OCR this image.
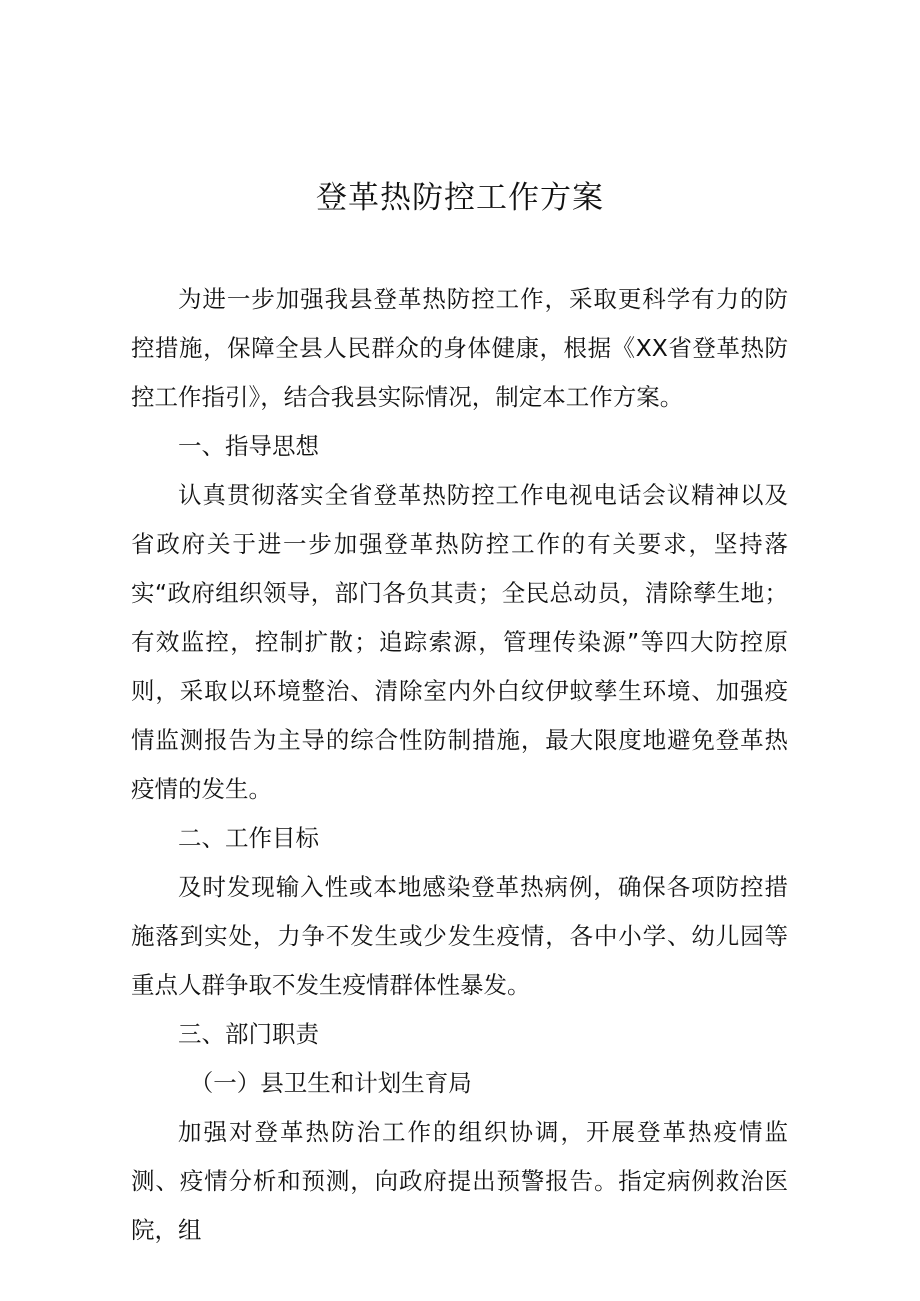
登革热防控工作方案

为进一步加强我县登革热防控工作，采取更科学有力的防控措施，保障全县人民群众的身体健康，根据《XX省登革热防控工作指引》，结合我县实际情况，制定本工作方案。

一、指导思想

认真贯彻落实全省登革热防控工作电视电话会议精神以及省政府关于进一步加强登革热防控工作的有关要求，坚持落实“政府组织领导，部门各负其责；全民总动员，清除孳生地；有效监控，控制扩散；追踪索源，管理传染源”等四大防控原则，采取以环境整治、清除室内外白纹伊蚊孳生环境、加强疫情监测报告为主导的综合性防制措施，最大限度地避免登革热疫情的发生。

二、工作目标

及时发现输入性或本地感染登革热病例，确保各项防控措施落到实处，力争不发生或少发生疫情，各中小学、幼儿园等重点人群争取不发生疫情群体性暴发。

三、部门职责

（一）县卫生和计划生育局

加强对登革热防治工作的组织协调，开展登革热疫情监测、疫情分析和预测，向政府提出预警报告。指定病例救治医院，组
